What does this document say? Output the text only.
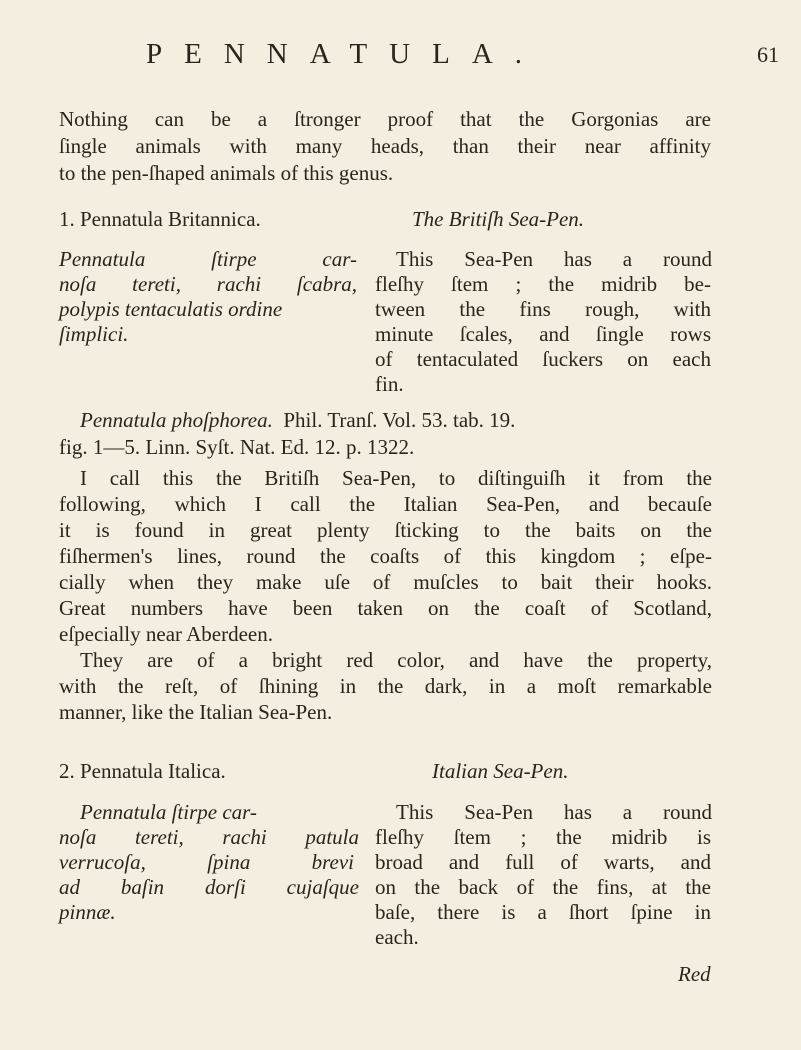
PENNATULA.	61
Nothing can be a ſtronger proof that the Gorgonias are
ſingle animals with many heads, than their near affinity
to the pen-ſhaped animals of this genus.
1. Pennatula Britannica.	The Britiſh Sea-Pen.
Pennatula ſtirpe car-
noſa tereti, rachi ſcabra,
polypis tentaculatis ordine
ſimplici.
This Sea-Pen has a round
fleſhy ſtem ; the midrib be-
tween the fins rough, with
minute ſcales, and ſingle rows
of tentaculated ſuckers on each
fin.
Pennatula phoſphorea.  Phil. Tranſ. Vol. 53. tab. 19.
fig. 1—5. Linn. Syſt. Nat. Ed. 12. p. 1322.
I call this the Britiſh Sea-Pen, to diſtinguiſh it from the
following, which I call the Italian Sea-Pen, and becauſe
it is found in great plenty ſticking to the baits on the
fiſhermen's lines, round the coaſts of this kingdom ; eſpe-
cially when they make uſe of muſcles to bait their hooks.
Great numbers have been taken on the coaſt of Scotland,
eſpecially near Aberdeen.
They are of a bright red color, and have the property,
with the reſt, of ſhining in the dark, in a moſt remarkable
manner, like the Italian Sea-Pen.
2. Pennatula Italica.	Italian Sea-Pen.
Pennatula ſtirpe car-
noſa tereti, rachi patula
verrucoſa, ſpina brevi
ad baſin dorſi cujaſque
pinnæ.
This Sea-Pen has a round
fleſhy ſtem ; the midrib is
broad and full of warts, and
on the back of the fins, at the
baſe, there is a ſhort ſpine in
each.
Red
